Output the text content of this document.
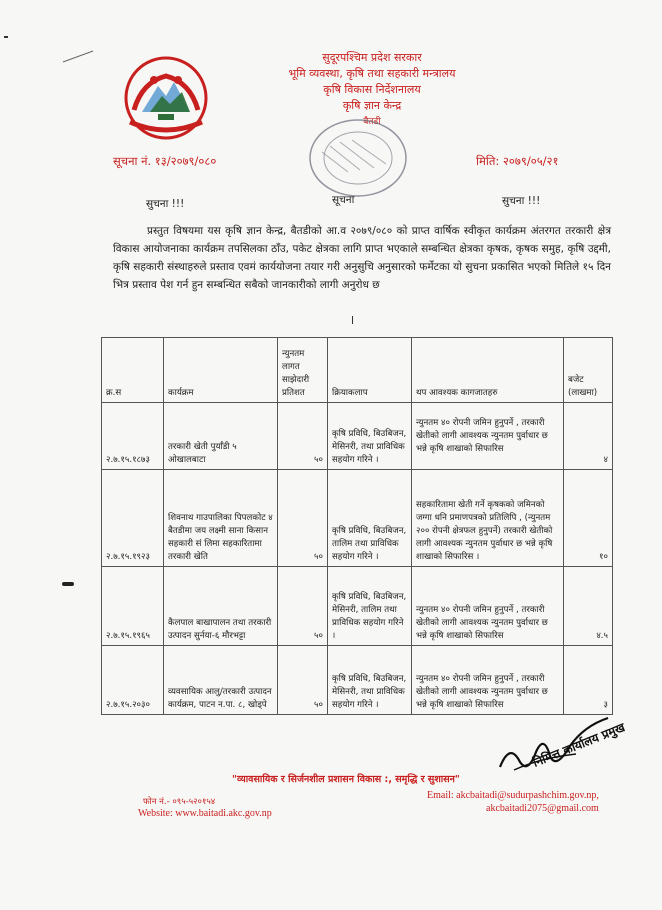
सुदूरपश्चिम प्रदेश सरकार
भूमि व्यवस्था, कृषि तथा सहकारी मन्त्रालय
कृषि विकास निर्देशनालय
कृषि ज्ञान केन्द्र
बैतडी
सूचना नं. १३/२०७९/०८०	मिति: २०७९/०५/२१
सुचना !!!	सूचना	सुचना !!!
प्रस्तुत विषयमा यस कृषि ज्ञान केन्द्र, बैतडीको आ.व २०७९/०८० को प्राप्त वार्षिक स्वीकृत कार्यक्रम अंतरगत तरकारी क्षेत्र विकास आयोजनाका कार्यक्रम तपसिलका ठाँउ, पकेट क्षेत्रका लागि प्राप्त भएकाले सम्बन्धित क्षेत्रका कृषक, कृषक समुह, कृषि उद्दमी, कृषि सहकारी संस्थाहरुले प्रस्ताव एवमं कार्ययोजना तयार गरी अनुसुचि अनुसारको फर्मेटका यो सुचना प्रकासित भएको मितिले १५ दिन भित्र प्रस्ताव पेश गर्न हुन सम्बन्धित सबैको जानकारीको लागी अनुरोध छ
क्र.स	कार्यक्रम	न्युनतम लागत साझेदारी प्रतिशत	क्रियाकलाप	थप आवश्यक कागजातहरु	बजेट (लाखमा)
२.७.१५.१८७३	तरकारी खेती पुर्याँडी ५ ओखालबाटा	५०	कृषि प्रविधि, बिउबिजन, मेसिनरी, तथा प्राविधिक सहयोग गरिने ।	न्युनतम ४० रोपनी जमिन हुनुपर्ने , तरकारी खेतीको लागी आवश्यक न्युनतम पुर्वाधार छ भन्ने कृषि शाखाको सिफारिस	४
२.७.१५.१९२३	शिवनाथ गाउपालिका पिपलकोट ४ बैतडीमा जय लक्ष्मी साना किसान सहकारी सं लिमा सहकारितामा तरकारी खेति	५०	कृषि प्रविधि, बिउबिजन, तालिम तथा प्राविधिक सहयोग गरिने ।	सहकारितामा खेती गर्ने कृषकको जमिनको जग्गा धनि प्रमाणपत्रको प्रतिलिपि , (न्युनतम २०० रोपनी क्षेत्रफल हुनुपर्ने) तरकारी खेतीको लागी आवश्यक न्युनतम पुर्वाधार छ भन्ने कृषि शाखाको सिफारिस ।	१०
२.७.१५.१९६५	कैलपाल बाखापालन तथा तरकारी उत्पादन सुर्नया-६ मौरभट्टा	५०	कृषि प्रविधि, बिउबिजन, मेसिनरी, तालिम तथा प्राविधिक सहयोग गरिने ।	न्युनतम ४० रोपनी जमिन हुनुपर्ने , तरकारी खेतीको लागी आवश्यक न्युनतम पुर्वाधार छ भन्ने कृषि शाखाको सिफारिस	४.५
२.७.१५.२०३०	व्यवसायिक आलु/तरकारी उत्पादन कार्यक्रम, पाटन न.पा. ८, खोड्पे	५०	कृषि प्रविधि, बिउबिजन, मेसिनरी, तथा प्राविधिक सहयोग गरिने ।	न्युनतम ४० रोपनी जमिन हुनुपर्ने , तरकारी खेतीको लागी आवश्यक न्युनतम पुर्वाधार छ भन्ने कृषि शाखाको सिफारिस	३
निमित्त कार्यालय प्रमुख
"व्यावसायिक र सिर्जनशील प्रशासन विकास :, समृद्धि र सुशासन"
फोन नं.- ०९५-५२०१५४
Website: www.baitadi.akc.gov.np
Email: akcbaitadi@sudurpashchim.gov.np,
akcbaitadi2075@gmail.com
